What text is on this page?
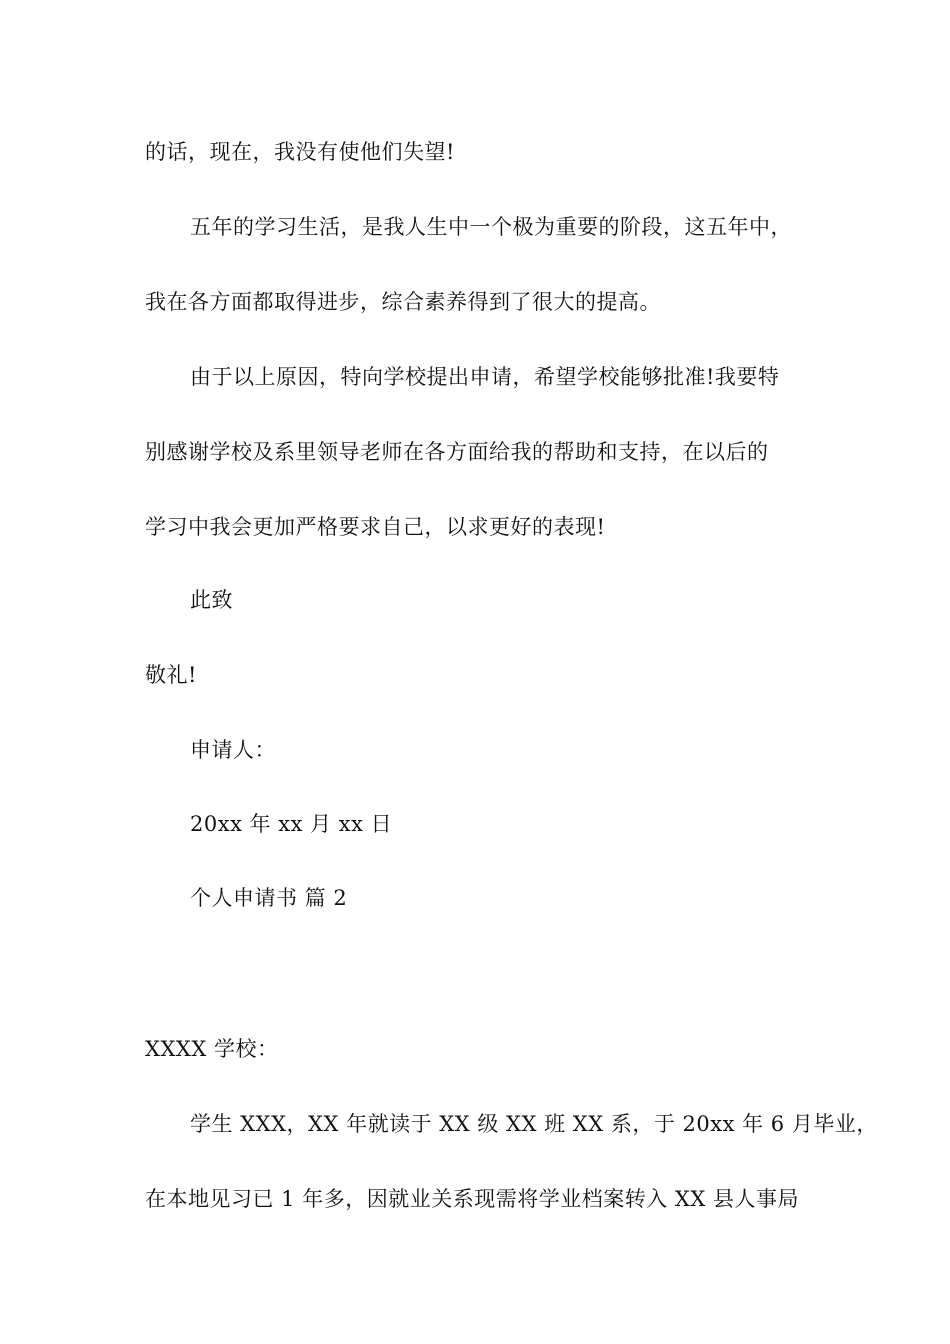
的话，现在，我没有使他们失望!
五年的学习生活，是我人生中一个极为重要的阶段，这五年中，
我在各方面都取得进步，综合素养得到了很大的提高。
由于以上原因，特向学校提出申请，希望学校能够批准!我要特
别感谢学校及系里领导老师在各方面给我的帮助和支持，在以后的
学习中我会更加严格要求自己，以求更好的表现!
此致
敬礼!
申请人：
20xx 年 xx 月 xx 日
个人申请书 篇 2
XXXX 学校：
学生 XXX，XX 年就读于 XX 级 XX 班 XX 系，于 20xx 年 6 月毕业，
在本地见习已 1 年多，因就业关系现需将学业档案转入 XX 县人事局
